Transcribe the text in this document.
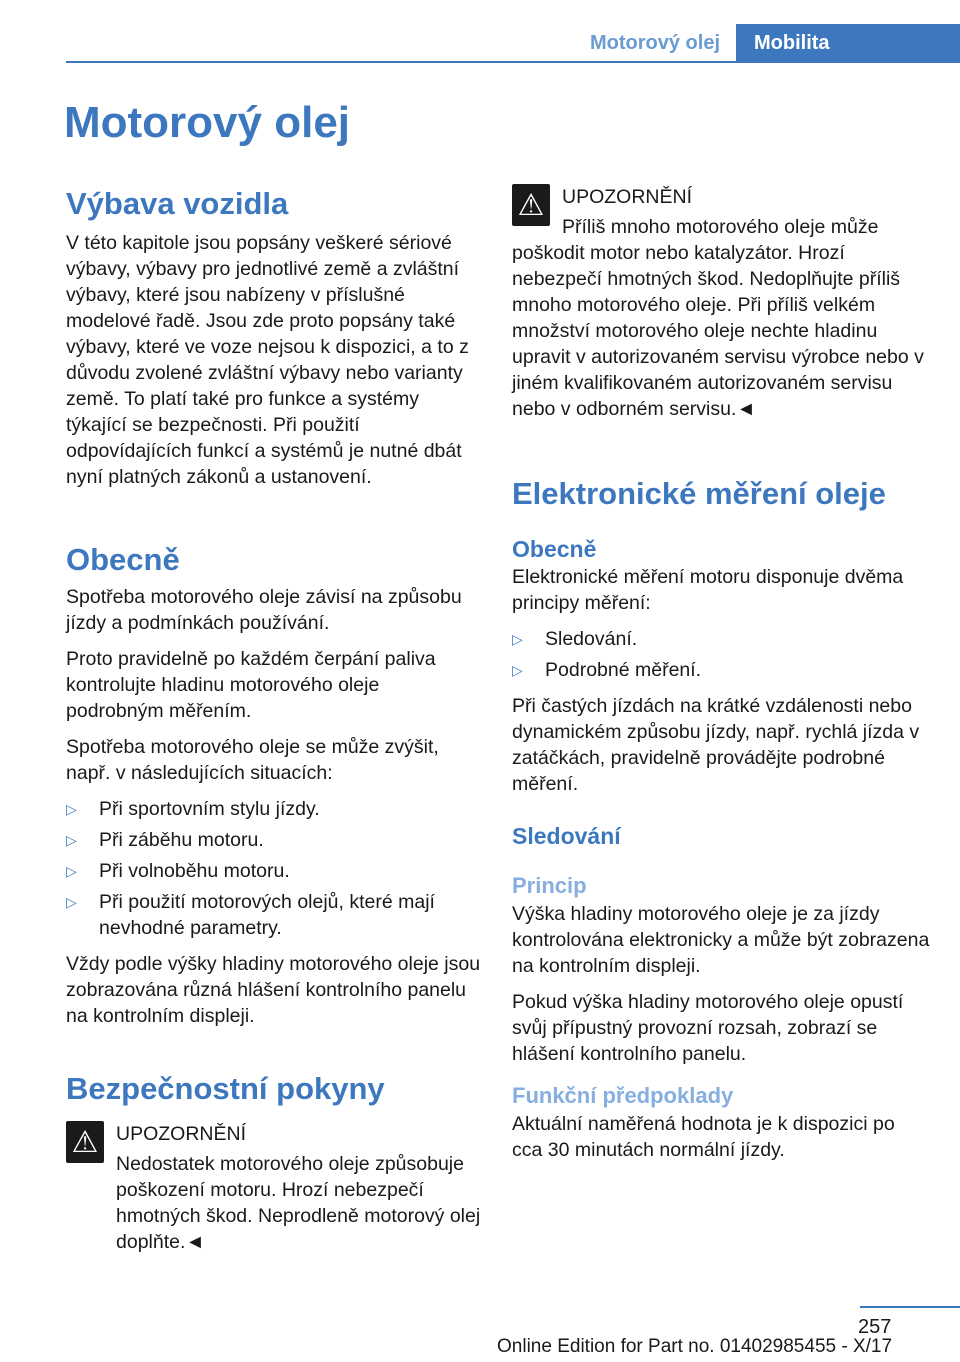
Motorový olej	Mobilita
Motorový olej
Výbava vozidla

V této kapitole jsou popsány veškeré sériové výbavy, výbavy pro jednotlivé země a zvláštní výbavy, které jsou nabízeny v příslušné modelové řadě. Jsou zde proto popsány také výbavy, které ve voze nejsou k dispozici, a to z důvodu zvolené zvláštní výbavy nebo varianty země. To platí také pro funkce a systémy týkající se bezpečnosti. Při použití odpovídajících funkcí a systémů je nutné dbát nyní platných zákonů a ustanovení.

Obecně

Spotřeba motorového oleje závisí na způsobu jízdy a podmínkách používání.

Proto pravidelně po každém čerpání paliva kontrolujte hladinu motorového oleje podrobným měřením.

Spotřeba motorového oleje se může zvýšit, např. v následujících situacích:

▷ Při sportovním stylu jízdy.
▷ Při záběhu motoru.
▷ Při volnoběhu motoru.
▷ Při použití motorových olejů, které mají nevhodné parametry.

Vždy podle výšky hladiny motorového oleje jsou zobrazována různá hlášení kontrolního panelu na kontrolním displeji.

Bezpečnostní pokyny
⚠ UPOZORNĚNÍ

Nedostatek motorového oleje způsobuje poškození motoru. Hrozí nebezpečí hmotných škod. Neprodleně motorový olej doplňte.◄

⚠ UPOZORNĚNÍ

Příliš mnoho motorového oleje může poškodit motor nebo katalyzátor. Hrozí nebezpečí hmotných škod. Nedoplňujte příliš mnoho motorového oleje. Při příliš velkém množství motorového oleje nechte hladinu upravit v autorizovaném servisu výrobce nebo v jiném kvalifikovaném autorizovaném servisu nebo v odborném servisu.◄

Elektronické měření oleje
Obecně

Elektronické měření motoru disponuje dvěma principy měření:

▷ Sledování.
▷ Podrobné měření.

Při častých jízdách na krátké vzdálenosti nebo dynamickém způsobu jízdy, např. rychlá jízda v zatáčkách, pravidelně provádějte podrobné měření.

Sledování
Princip

Výška hladiny motorového oleje je za jízdy kontrolována elektronicky a může být zobrazena na kontrolním displeji.

Pokud výška hladiny motorového oleje opustí svůj přípustný provozní rozsah, zobrazí se hlášení kontrolního panelu.

Funkční předpoklady

Aktuální naměřená hodnota je k dispozici po cca 30 minutách normální jízdy.

257
Online Edition for Part no. 01402985455 - X/17
